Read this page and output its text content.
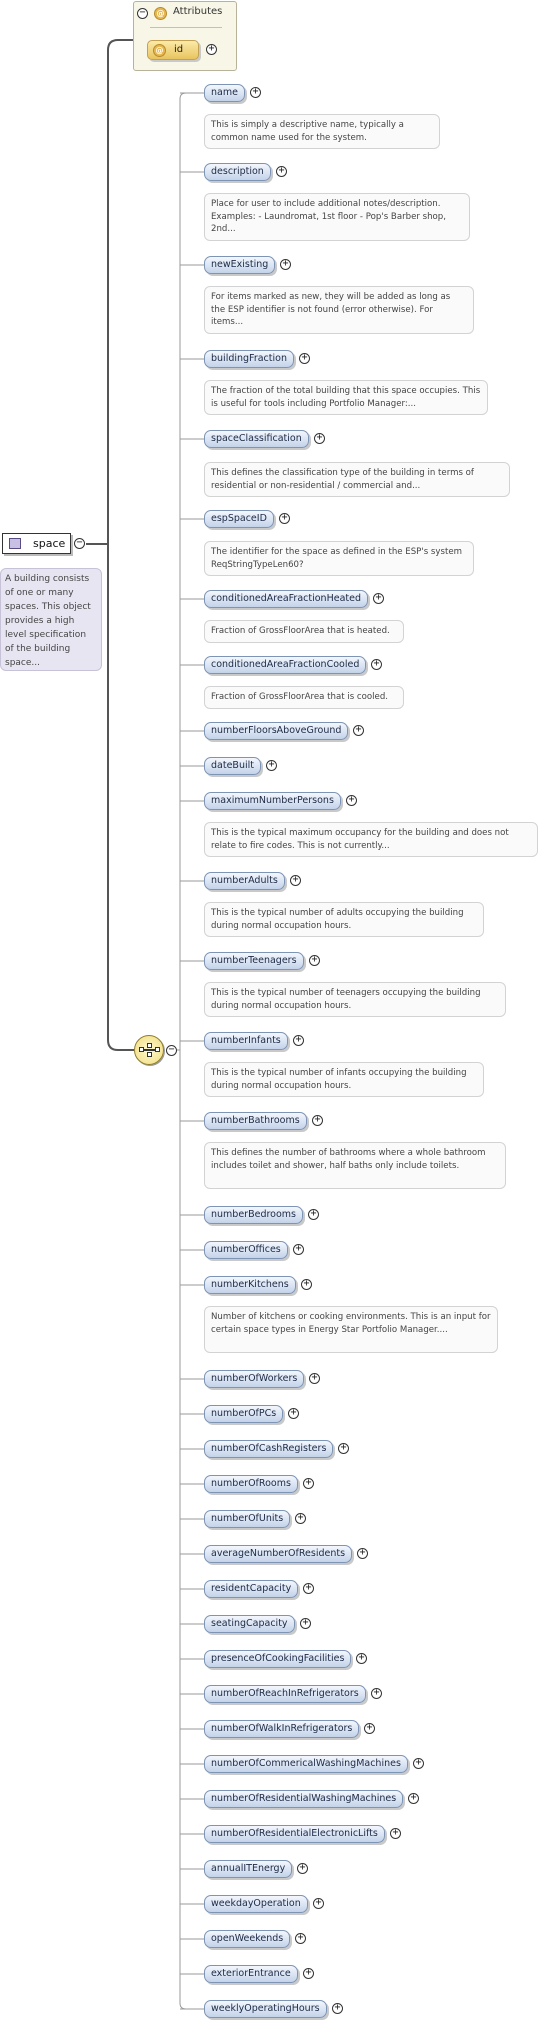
−	@ Attributes
@ id	+
space −
A building consists of one or many spaces. This object provides a high level specification of the building space...
−
name	+
This is simply a descriptive name, typically a common name used for the system.
description	+
Place for user to include additional notes/description. Examples: - Laundromat, 1st floor - Pop's Barber shop, 2nd...
newExisting	+
For items marked as new, they will be added as long as the ESP identifier is not found (error otherwise). For items...
buildingFraction	+
The fraction of the total building that this space occupies. This is useful for tools including Portfolio Manager:...
spaceClassification	+
This defines the classification type of the building in terms of residential or non-residential / commercial and...
espSpaceID	+
The identifier for the space as defined in the ESP's system ReqStringTypeLen60?
conditionedAreaFractionHeated	+
Fraction of GrossFloorArea that is heated.
conditionedAreaFractionCooled	+
Fraction of GrossFloorArea that is cooled.
numberFloorsAboveGround	+
dateBuilt	+
maximumNumberPersons	+
This is the typical maximum occupancy for the building and does not relate to fire codes. This is not currently...
numberAdults	+
This is the typical number of adults occupying the building during normal occupation hours.
numberTeenagers	+
This is the typical number of teenagers occupying the building during normal occupation hours.
numberInfants	+
This is the typical number of infants occupying the building during normal occupation hours.
numberBathrooms	+
This defines the number of bathrooms where a whole bathroom includes toilet and shower, half baths only include toilets.
numberBedrooms	+
numberOffices	+
numberKitchens	+
Number of kitchens or cooking environments. This is an input for certain space types in Energy Star Portfolio Manager....
numberOfWorkers	+
numberOfPCs	+
numberOfCashRegisters	+
numberOfRooms	+
numberOfUnits	+
averageNumberOfResidents	+
residentCapacity	+
seatingCapacity	+
presenceOfCookingFacilities	+
numberOfReachInRefrigerators	+
numberOfWalkInRefrigerators	+
numberOfCommericalWashingMachines	+
numberOfResidentialWashingMachines	+
numberOfResidentialElectronicLifts	+
annualITEnergy	+
weekdayOperation	+
openWeekends	+
exteriorEntrance	+
weeklyOperatingHours	+
